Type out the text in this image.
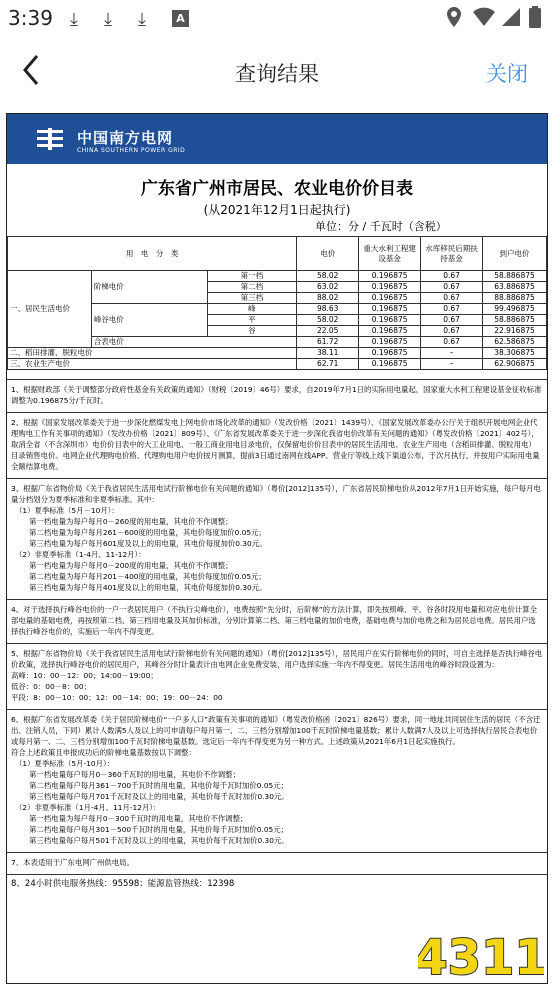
3:39 ⤓ ⤓ ⤓	A
查询结果	关闭
中国南方电网
CHINA SOUTHERN POWER GRID
广东省广州市居民、农业电价价目表
(从2021年12月1日起执行)
单位：分 / 千瓦时（含税）
用　电　分　类			电价	重大水利工程建设基金	水库移民后期扶持基金	到户电价
一、居民生活电价	阶梯电价	第一档	58.02	0.196875	0.67	58.886875
		第二档	63.02	0.196875	0.67	63.886875
		第三档	88.02	0.196875	0.67	88.886875
	峰谷电价	峰	98.63	0.196875	0.67	99.496875
		平	58.02	0.196875	0.67	58.886875
		谷	22.05	0.196875	0.67	22.916875
	合表电价		61.72	0.196875	0.67	62.586875
二、稻田排灌、脱粒电价			38.11	0.196875	–	38.306875
三、农业生产电价			62.71	0.196875	–	62.906875

1、根据财政部《关于调整部分政府性基金有关政策的通知》（财税〔2019〕46号）要求，自2019年7月1日的实际用电量起，国家重大水利工程建设基金征收标准调整为0.196875分/千瓦时。

2、根据《国家发展改革委关于进一步深化燃煤发电上网电价市场化改革的通知》（发改价格〔2021〕1439号）、《国家发展改革委办公厅关于组织开展电网企业代理购电工作有关事项的通知》（发改办价格〔2021〕809号）、《广东省发展改革委关于进一步深化我省电价改革有关问题的通知》（粤发改价格〔2021〕402号），取消全省（不含深圳市）电价价目表中的大工业用电、一般工商业用电目录电价，仅保留电价价目表中的居民生活用电、农业生产用电（含稻田排灌、脱粒用电）目录销售电价。电网企业代理购电价格、代理购电用户电价按月测算，提前3日通过南网在线APP、营业厅等线上线下渠道公布，于次月执行，并按用户实际用电量全额结算电费。

3、根据广东省物价局《关于我省居民生活用电试行阶梯电价有关问题的通知》（粤价[2012]135号），广东省居民阶梯电价从2012年7月1日开始实施，每户每月电量分档划分为夏季标准和非夏季标准。其中：

（1）夏季标准（5月－10月）：

第一档电量为每户每月0－260度的用电量，其电价不作调整；

第二档电量为每户每月261－600度的用电量，其电价每度加价0.05元；

第三档电量为每户每月601度及以上的用电量，其电价每度加价0.30元。

（2）非夏季标准（1-4月、11-12月）：

第一档电量为每户每月0－200度的用电量，其电价不作调整；

第二档电量为每户每月201－400度的用电量，其电价每度加价0.05元；

第三档电量为每户每月401度及以上的用电量，其电价每度加价0.30元。

4、对于选择执行峰谷电价的一户一表居民用户（不执行尖峰电价），电费按照“先分时，后阶梯”的方法计算，即先按照峰、平、谷各时段用电量和对应电价计算全部电量的基础电费，再按照第二档、第三档用电量及其加价标准，分别计算第二档、第三档电量的加价电费，基础电费与加价电费之和为居民总电费。居民用户选择执行峰谷电价的，实施后一年内不得变更。

5、根据广东省物价局《关于我省居民生活用电试行阶梯电价有关问题的通知》（粤价[2012]135号），居民用户在实行阶梯电价的同时，可自主选择是否执行峰谷电价政策，选择执行峰谷电价的居民用户，其峰谷分时计量表计由电网企业免费安装，用户选择实施一年内不得变更。居民生活用电的峰谷时段设置为：

高峰：10：00－12：00；14:00－19:00；

低谷：0：00－8：00；

平段：8：00－10：00；12：00－14：00；19：00－24：00

6、根据广东省发展改革委《关于居民阶梯电价“一户多人口”政策有关事项的通知》（粤发改价格函〔2021〕826号）要求，同一地址共同居住生活的居民（不含迁出、注销人员，下同）累计人数满5人及以上的可申请每户每月第一、二、三档分别增加100千瓦时阶梯电量基数；累计人数满7人及以上可选择执行居民合表电价或每月第一、二、三档分别增加100千瓦时阶梯电量基数。选定后一年内不得变更为另一种方式。上述政策从2021年6月1日起实施执行。

符合上述政策且申报成功后的阶梯电量基数按以下调整：

（1）夏季标准（5月-10月）：

第一档电量每户每月0－360千瓦时的用电量，其电价不作调整；

第二档电量每户每月361－700千瓦时的用电量，其电价每千瓦时加价0.05元；

第三档电量每户每月701千瓦时及以上的用电量，其电价每千瓦时加价0.30元。

（2）非夏季标准（1月-4月、11月-12月）：

第一档电量为每户每月0－300千瓦时的用电量，其电价不作调整；

第二档电量每户每月301－500千瓦时的用电量，其电价每千瓦时加价0.05元；

第三档电量每户每月501千瓦时及以上的用电量，其电价每千瓦时加价0.30元。

7、本表适用于广东电网广州供电局。

8、24小时供电服务热线：95598；能源监管热线：12398

4311
